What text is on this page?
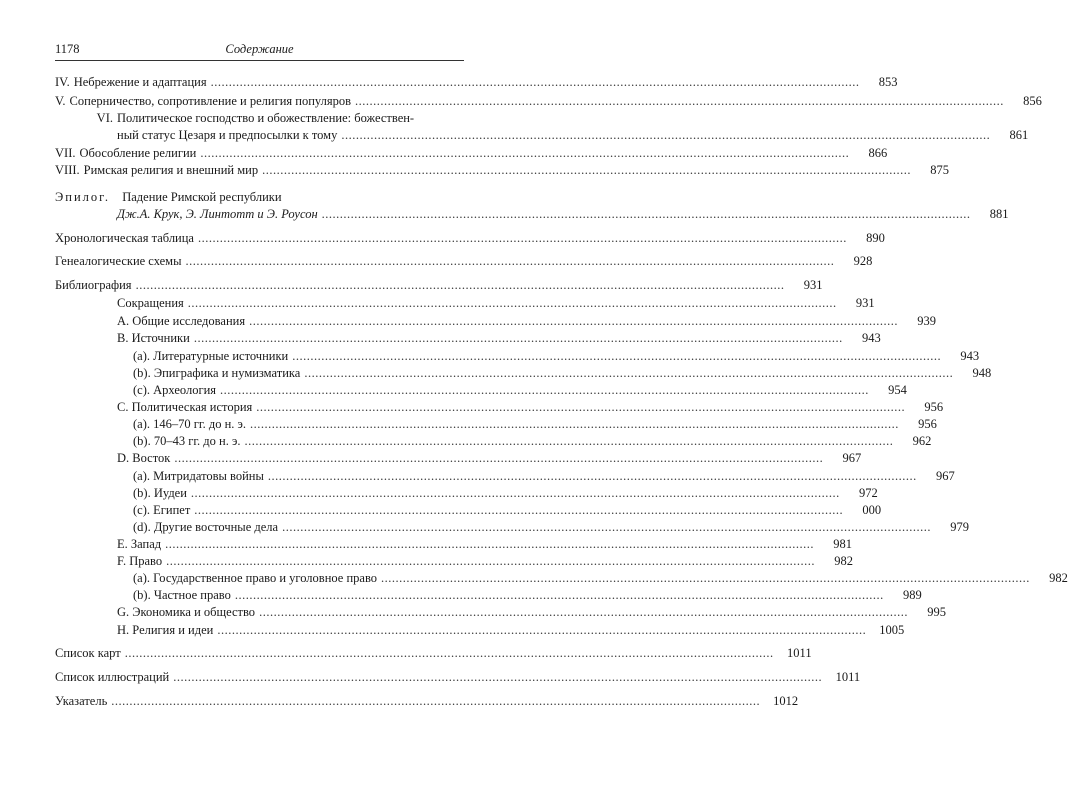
1178	Содержание
IV. Небрежение и адаптация ...................................................................................................................................................................................	853
V. Соперничество, сопротивление и религия популяров ...................................................................................................................................................................................	856
VI. Политическое господство и обожествление: божествен-
ный статус Цезаря и предпосылки к тому ...................................................................................................................................................................................	861
VII. Обособление религии ...................................................................................................................................................................................	866
VIII. Римская религия и внешний мир ...................................................................................................................................................................................	875
Эпилог. Падение Римской республики
Дж.А. Крук, Э. Линтотт и Э. Роусон ...................................................................................................................................................................................	881
Хронологическая таблица ...................................................................................................................................................................................	890
Генеалогические схемы ...................................................................................................................................................................................	928
Библиография ...................................................................................................................................................................................	931
Сокращения ...................................................................................................................................................................................	931
A. Общие исследования ...................................................................................................................................................................................	939
B. Источники ...................................................................................................................................................................................	943
(a). Литературные источники ...................................................................................................................................................................................	943
(b). Эпиграфика и нумизматика ...................................................................................................................................................................................	948
(c). Археология ...................................................................................................................................................................................	954
C. Политическая история ...................................................................................................................................................................................	956
(a). 146–70 гг. до н. э. ...................................................................................................................................................................................	956
(b). 70–43 гг. до н. э. ...................................................................................................................................................................................	962
D. Восток ...................................................................................................................................................................................	967
(a). Митридатовы войны ...................................................................................................................................................................................	967
(b). Иудеи ...................................................................................................................................................................................	972
(c). Египет ...................................................................................................................................................................................	000
(d). Другие восточные дела ...................................................................................................................................................................................	979
E. Запад ...................................................................................................................................................................................	981
F. Право ...................................................................................................................................................................................	982
(a). Государственное право и уголовное право ...................................................................................................................................................................................	982
(b). Частное право ...................................................................................................................................................................................	989
G. Экономика и общество ...................................................................................................................................................................................	995
H. Религия и идеи ...................................................................................................................................................................................	1005
Список карт ...................................................................................................................................................................................	1011
Список иллюстраций ...................................................................................................................................................................................	1011
Указатель ...................................................................................................................................................................................	1012
